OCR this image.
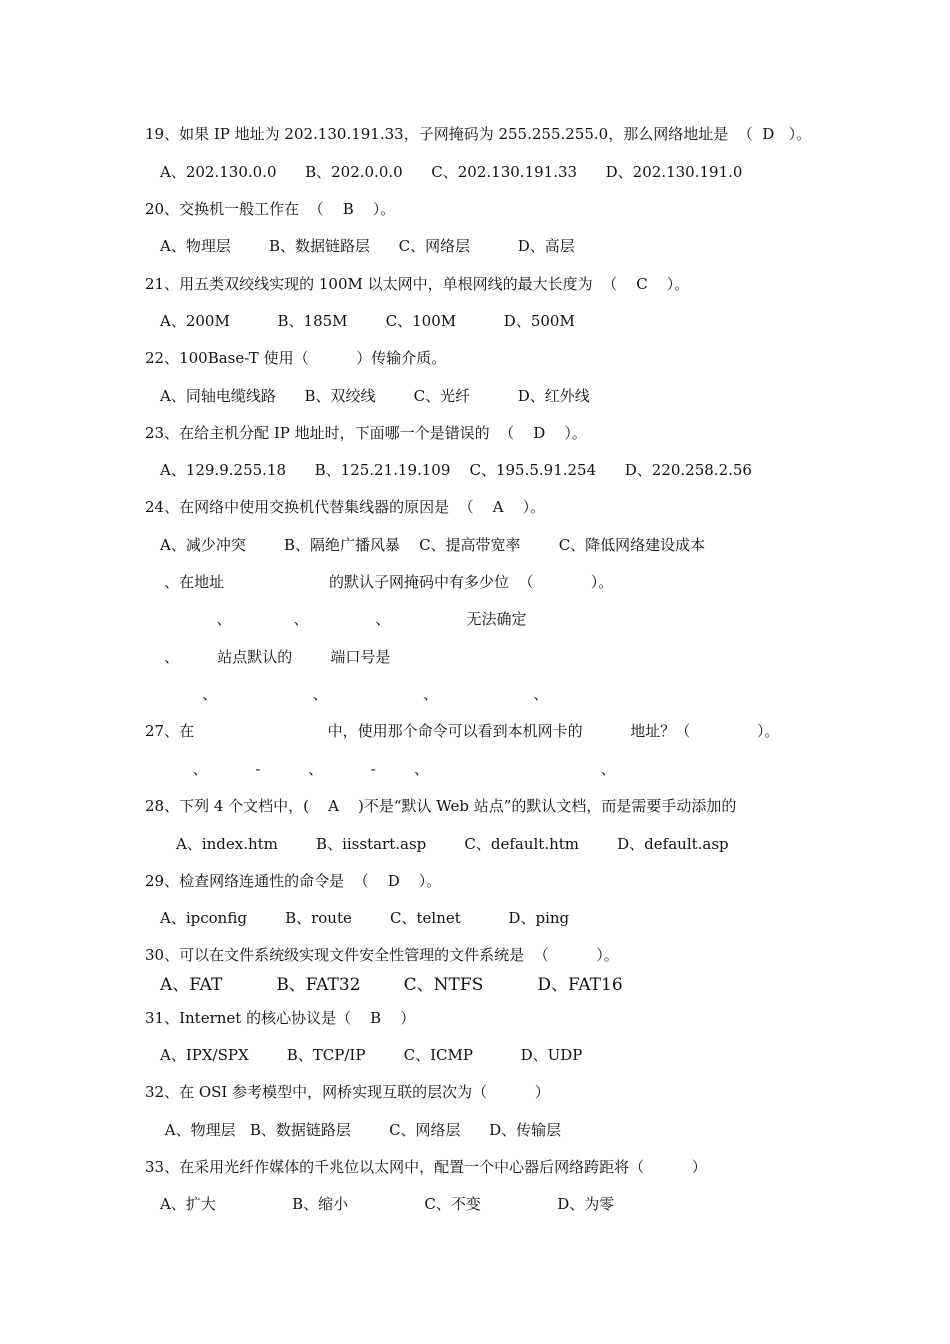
19、如果 IP 地址为 202.130.191.33，子网掩码为 255.255.255.0，那么网络地址是  （  D   ）。
A、202.130.0.0      B、202.0.0.0      C、202.130.191.33      D、202.130.191.0
20、交换机一般工作在  （    B    ）。
A、物理层        B、数据链路层      C、网络层          D、高层
21、用五类双绞线实现的 100M 以太网中，单根网线的最大长度为  （    C    ）。
A、200M          B、185M        C、100M          D、500M
22、100Base-T 使用（          ）传输介质。
A、同轴电缆线路      B、双绞线        C、光纤          D、红外线
23、在给主机分配 IP 地址时，下面哪一个是错误的  （    D    ）。
A、129.9.255.18      B、125.21.19.109    C、195.5.91.254      D、220.258.2.56
24、在网络中使用交换机代替集线器的原因是  （    A    ）。
A、减少冲突        B、隔绝广播风暴    C、提高带宽率        C、降低网络建设成本
、在地址                      的默认子网掩码中有多少位  （            ）。
、             、              、                无法确定
、        站点默认的        端口号是
、                    、                    、                    、
27、在                            中，使用那个命令可以看到本机网卡的          地址？（              ）。
、          -          、          -        、                                    、
28、下列 4 个文档中，(    A    )不是“默认 Web 站点”的默认文档，而是需要手动添加的
A、index.htm        B、iisstart.asp        C、default.htm        D、default.asp
29、检查网络连通性的命令是  （    D    ）。
A、ipconfig        B、route        C、telnet          D、ping
30、可以在文件系统级实现文件安全性管理的文件系统是  （          ）。
A、FAT          B、FAT32        C、NTFS          D、FAT16
31、Internet 的核心协议是（    B    ）
A、IPX/SPX        B、TCP/IP        C、ICMP          D、UDP
32、在 OSI 参考模型中，网桥实现互联的层次为（          ）
A、物理层   B、数据链路层        C、网络层      D、传输层
33、在采用光纤作媒体的千兆位以太网中，配置一个中心器后网络跨距将（          ）
A、扩大                B、缩小                C、不变                D、为零
